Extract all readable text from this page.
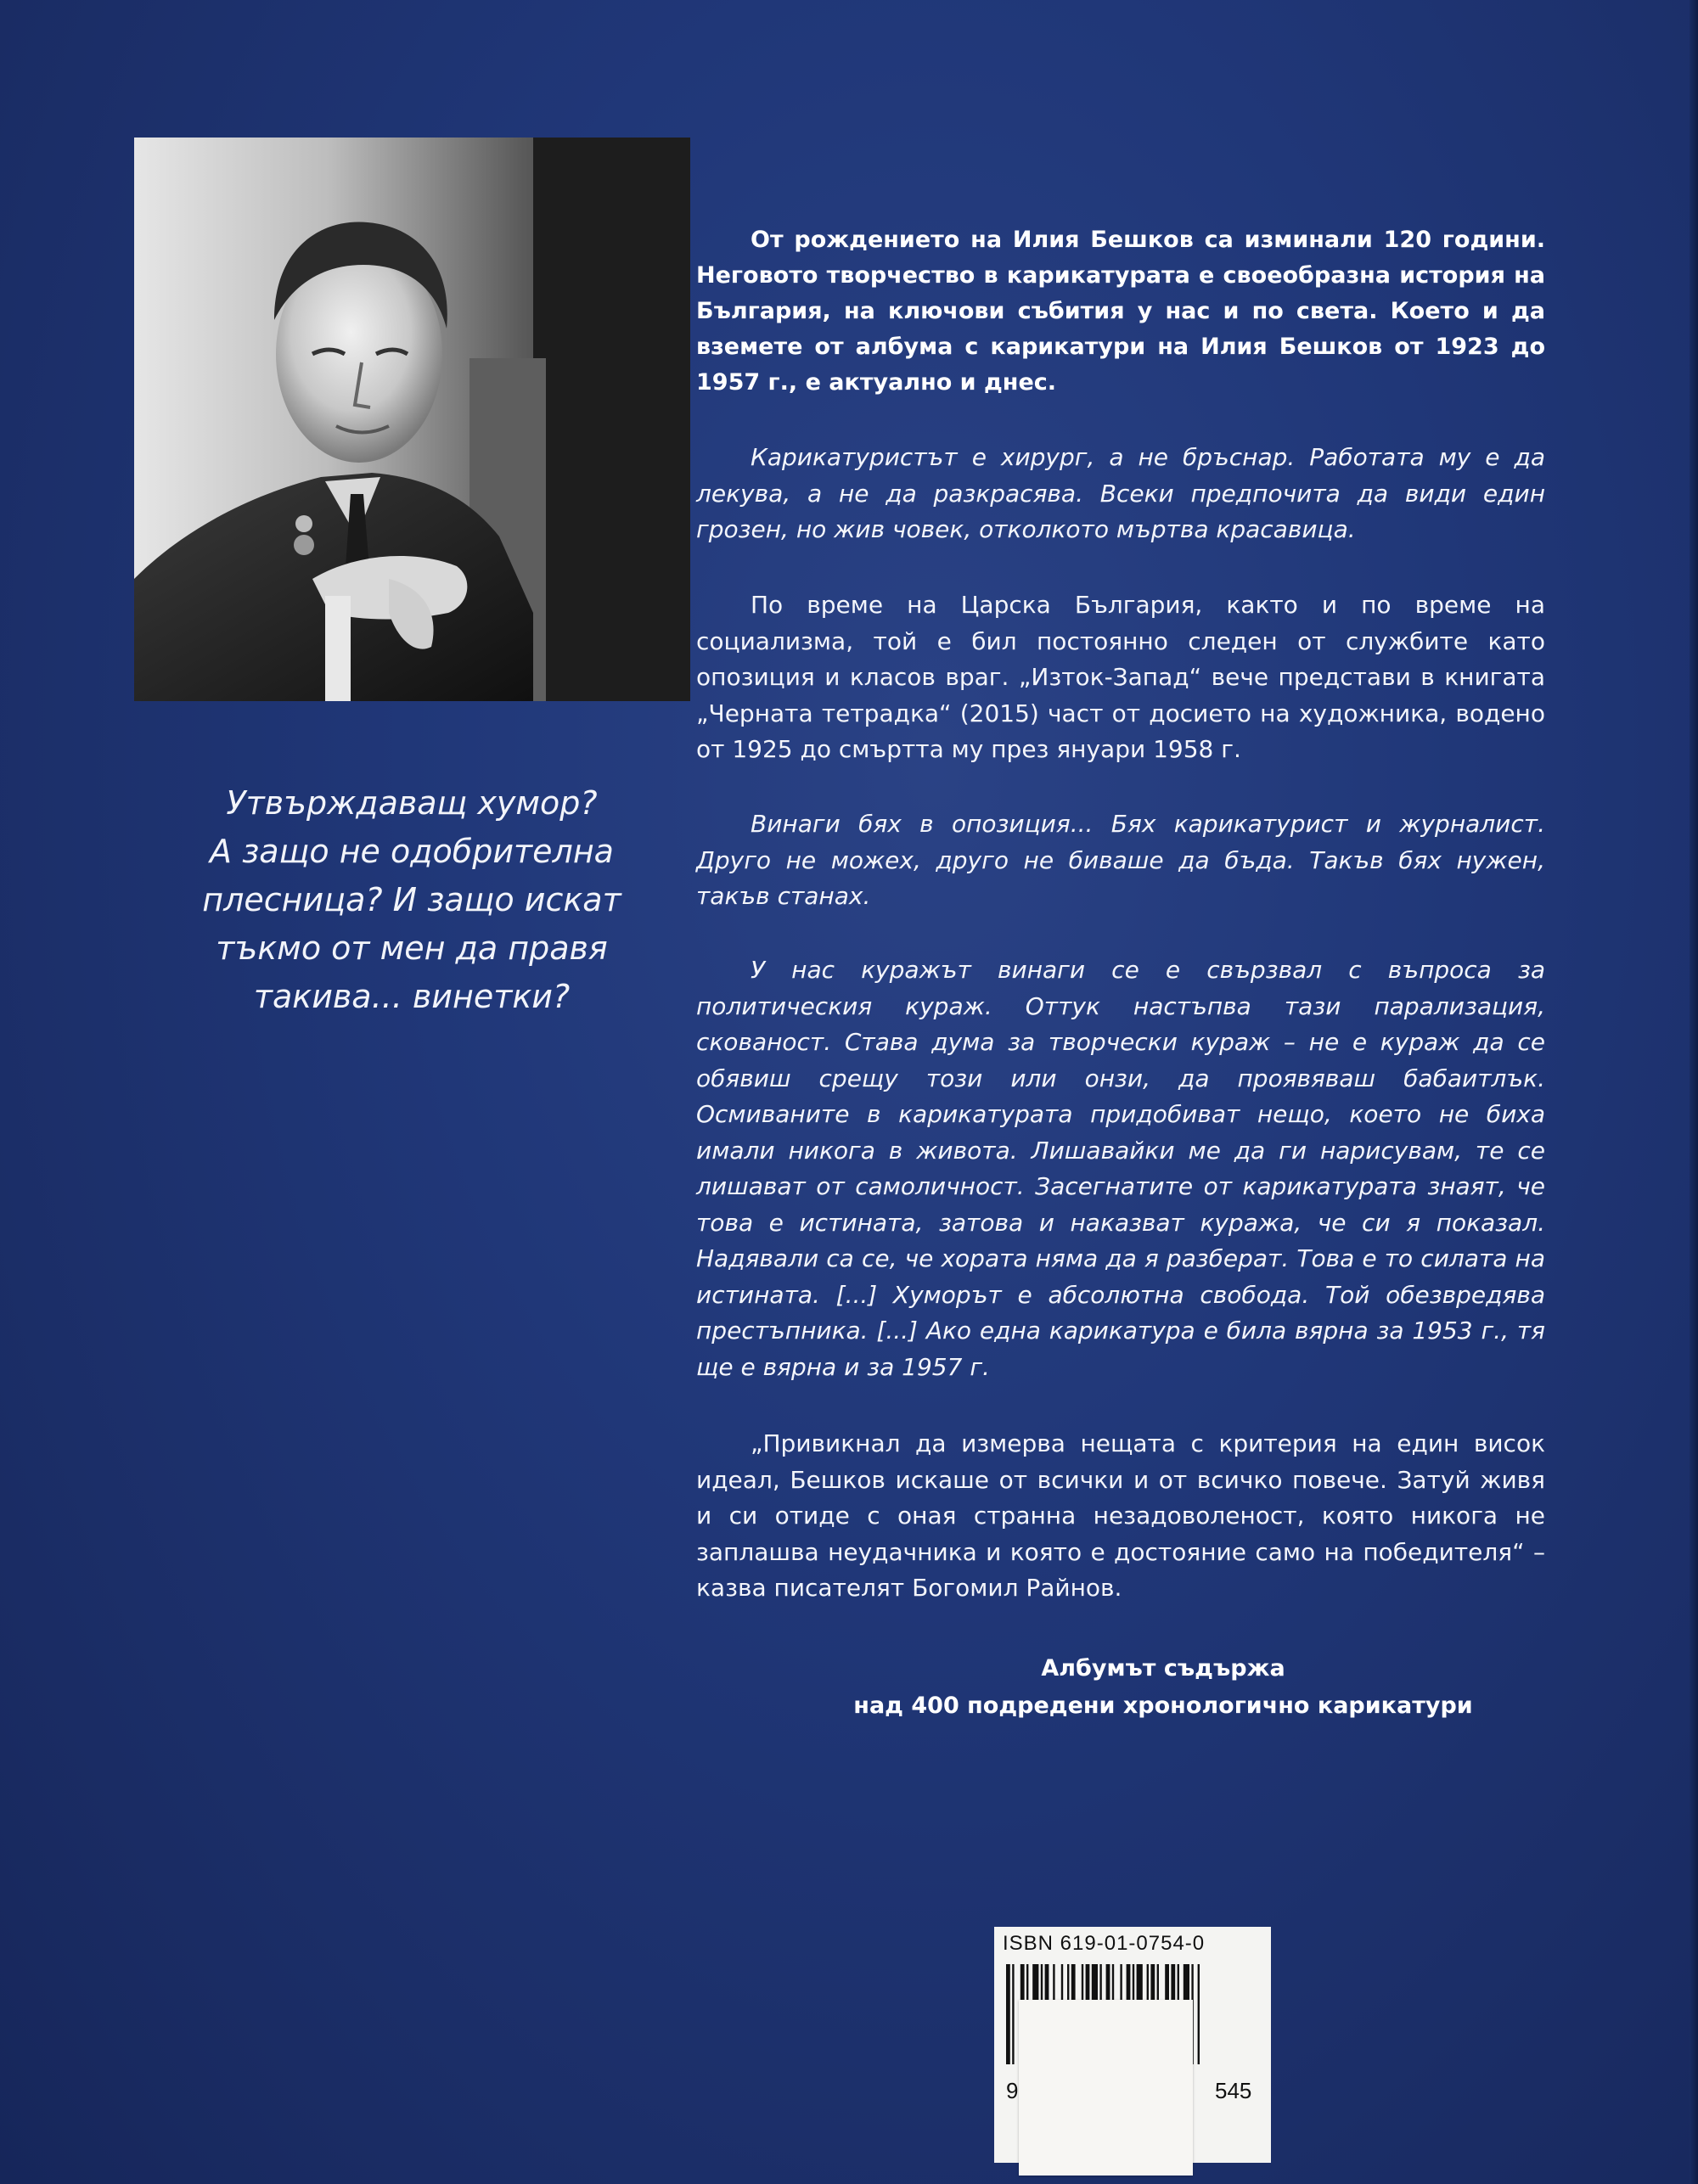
Утвърждаващ хумор?
А защо не одобрителна
плесница? И защо искат
тъкмо от мен да правя
такива... винетки?
От рождението на Илия Бешков са изминали 120 години. Неговото творчество в карикатурата е своеобразна история на България, на ключови събития у нас и по света. Което и да вземете от албума с карикатури на Илия Бешков от 1923 до 1957 г., е актуално и днес.
Карикатуристът е хирург, а не бръснар. Работата му е да лекува, а не да разкрасява. Всеки предпочита да види един грозен, но жив човек, отколкото мъртва красавица.
По време на Царска България, както и по време на социализма, той е бил постоянно следен от службите като опозиция и класов враг. „Изток-Запад“ вече представи в книгата „Черната тетрадка“ (2015) част от досието на художника, водено от 1925 до смъртта му през януари 1958 г.
Винаги бях в опозиция... Бях карикатурист и журналист. Друго не можех, друго не биваше да бъда. Такъв бях нужен, такъв станах.
У нас куражът винаги се е свързвал с въпроса за политическия кураж. Оттук настъпва тази парализация, скованост. Става дума за творчески кураж – не е кураж да се обявиш срещу този или онзи, да проявяваш бабаитлък. Осмиваните в карикатурата придобиват нещо, което не биха имали никога в живота. Лишавайки ме да ги нарисувам, те се лишават от самоличност. Засегнатите от карикатурата знаят, че това е истината, затова и наказват куража, че си я показал. Надявали са се, че хората няма да я разберат. Това е то силата на истината. [...] Хуморът е абсолютна свобода. Той обезвредява престъпника. [...] Ако една карикатура е била вярна за 1953 г., тя ще е вярна и за 1957 г.
„Привикнал да измерва нещата с критерия на един висок идеал, Бешков искаше от всички и от всичко повече. Затуй живя и си отиде с оная странна незадоволеност, която никога не заплашва неудачника и която е достояние само на победителя“ – казва писателят Богомил Райнов.
Албумът съдържа
над 400 подредени хронологично карикатури
ISBN 619-01-0754-0
9	545
